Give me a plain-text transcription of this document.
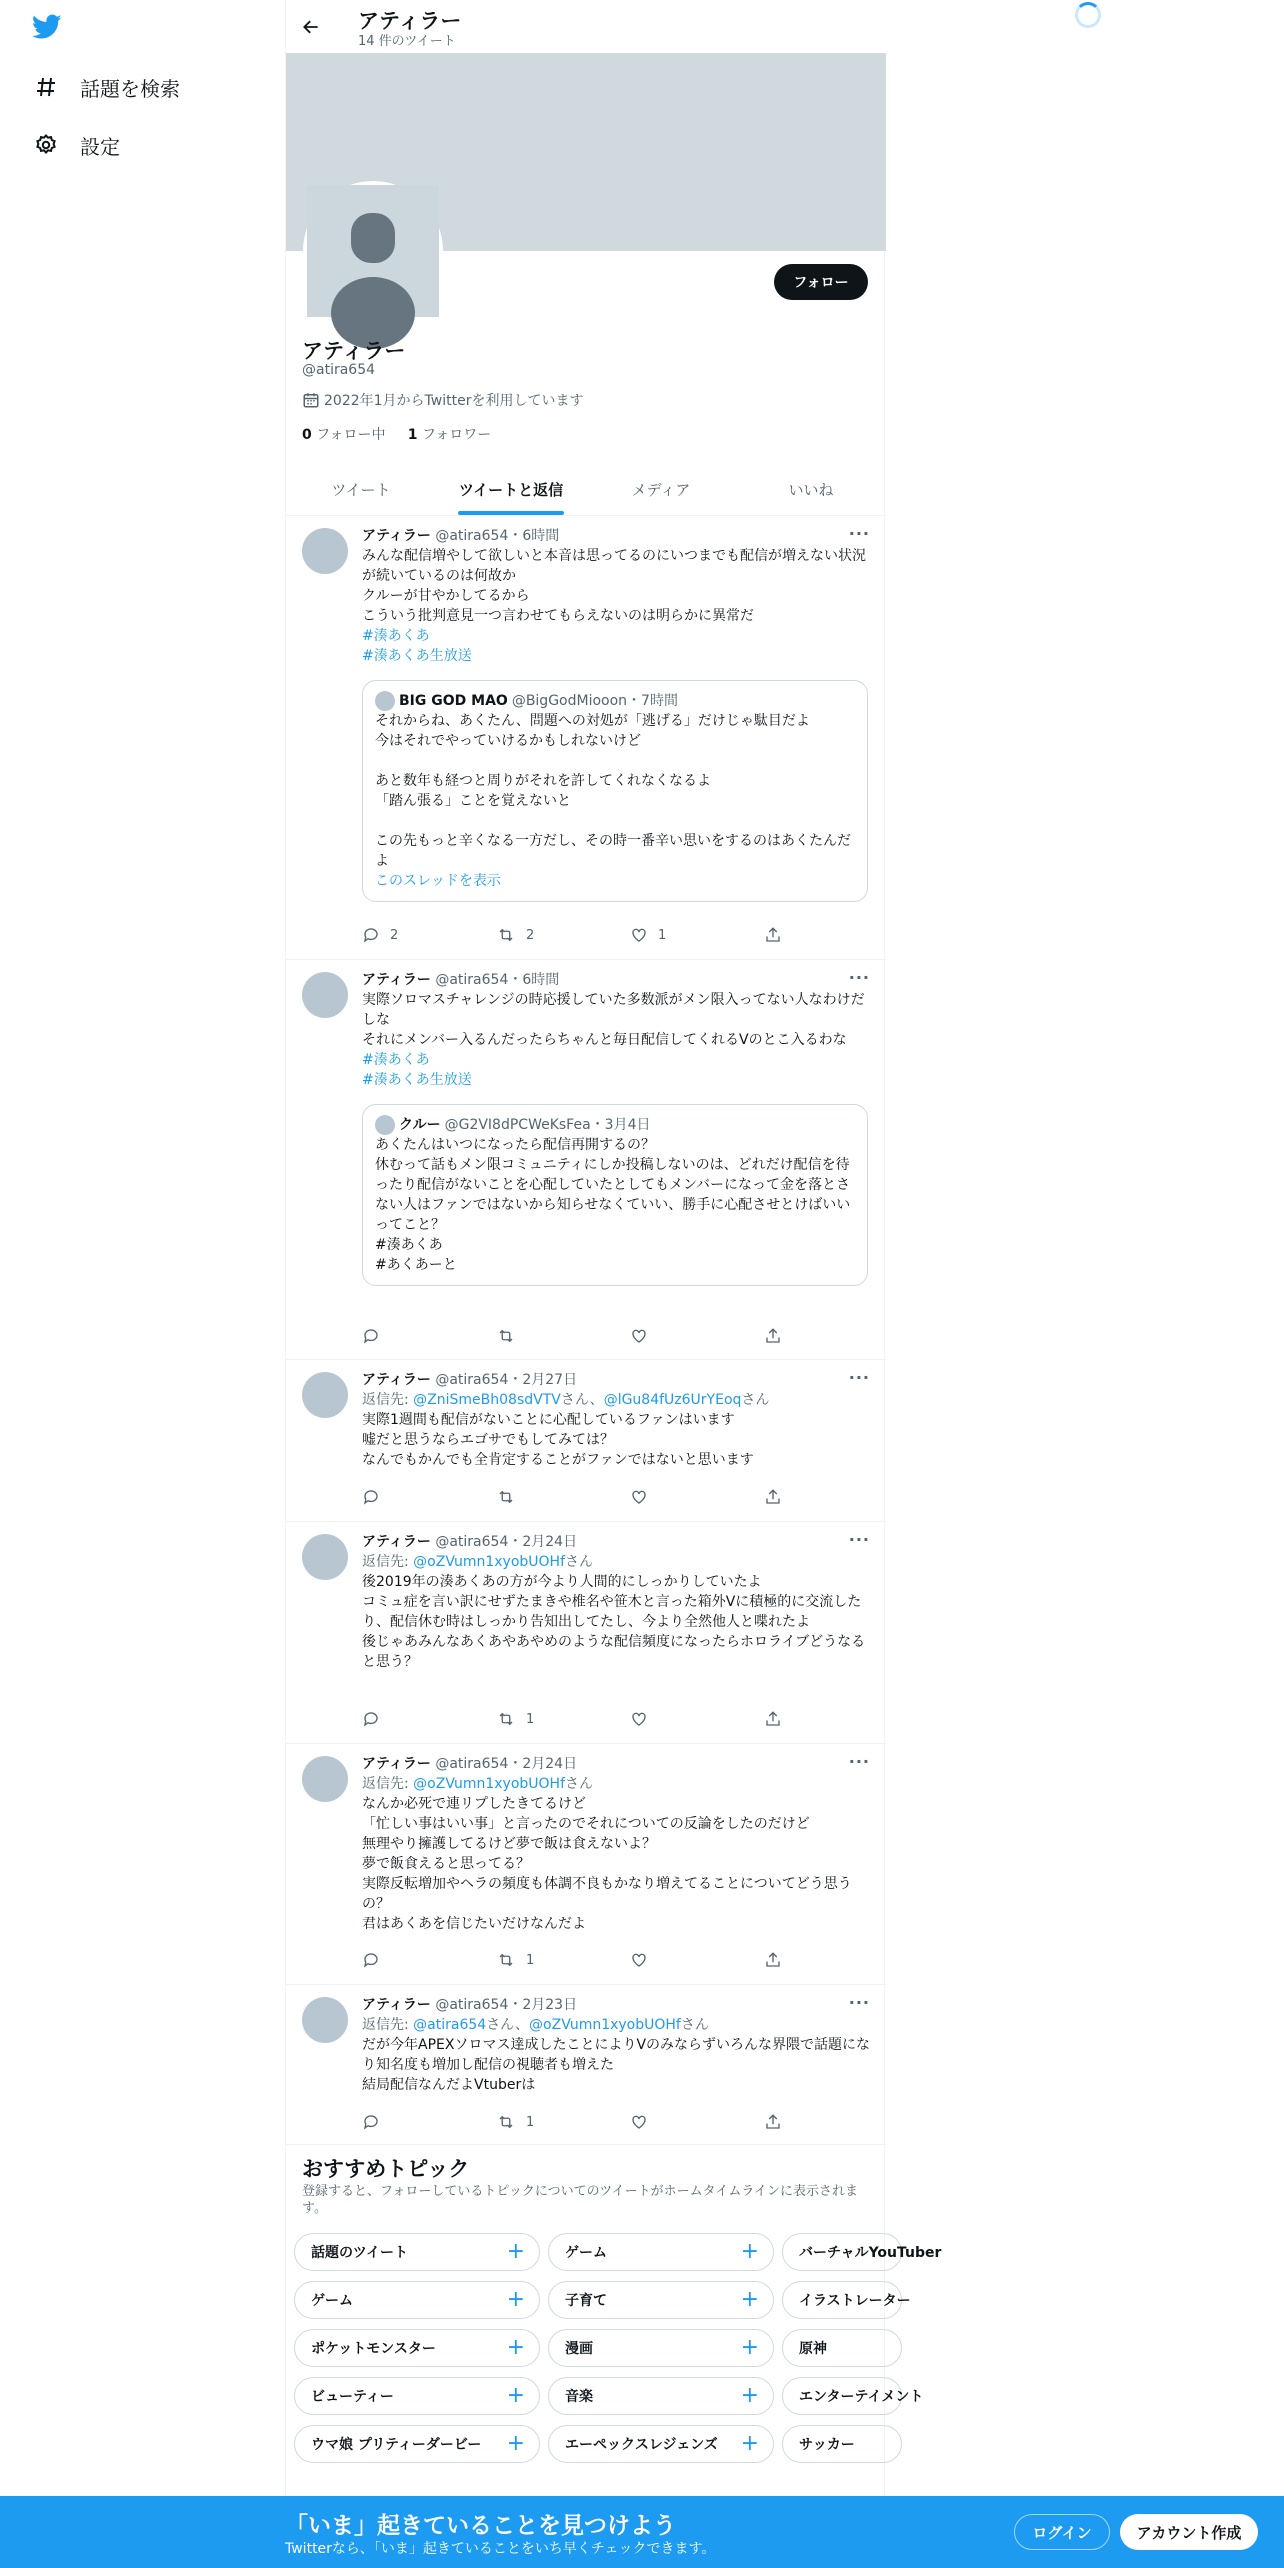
話題を検索
設定
アティラー
14 件のツイート
フォロー
アティラー
@atira654
2022年1月からTwitterを利用しています
0 フォロー中 1 フォロワー
ツイート	ツイートと返信	メディア	いいね
···
アティラー @atira654・6時間
みんな配信増やして欲しいと本音は思ってるのにいつまでも配信が増えない状況が続いているのは何故か
クルーが甘やかしてるから
こういう批判意見一つ言わせてもらえないのは明らかに異常だ
#湊あくあ
#湊あくあ生放送
BIG GOD MAO @BigGodMiooon ・7時間
それからね、あくたん、問題への対処が「逃げる」だけじゃ駄目だよ
今はそれでやっていけるかもしれないけど

あと数年も経つと周りがそれを許してくれなくなるよ
「踏ん張る」ことを覚えないと

この先もっと辛くなる一方だし、その時一番辛い思いをするのはあくたんだよ
このスレッドを表示
2	2	1
···
アティラー @atira654・6時間
実際ソロマスチャレンジの時応援していた多数派がメン限入ってない人なわけだしな
それにメンバー入るんだったらちゃんと毎日配信してくれるVのとこ入るわな
#湊あくあ
#湊あくあ生放送
クルー @G2VI8dPCWeKsFea ・3月4日
あくたんはいつになったら配信再開するの？
休むって話もメン限コミュニティにしか投稿しないのは、どれだけ配信を待ったり配信がないことを心配していたとしてもメンバーになって金を落とさない人はファンではないから知らせなくていい、勝手に心配させとけばいいってこと？
#湊あくあ
#あくあーと
···
アティラー @atira654・2月27日
返信先: @ZniSmeBh08sdVTVさん、@lGu84fUz6UrYEoqさん
実際1週間も配信がないことに心配しているファンはいます
嘘だと思うならエゴサでもしてみては？
なんでもかんでも全肯定することがファンではないと思います
···
アティラー @atira654・2月24日
返信先: @oZVumn1xyobUOHfさん
後2019年の湊あくあの方が今より人間的にしっかりしていたよ
コミュ症を言い訳にせずたまきや椎名や笹木と言った箱外Vに積極的に交流したり、配信休む時はしっかり告知出してたし、今より全然他人と喋れたよ
後じゃあみんなあくあやあやめのような配信頻度になったらホロライブどうなると思う？
1
···
アティラー @atira654・2月24日
返信先: @oZVumn1xyobUOHfさん
なんか必死で連リプしたきてるけど
「忙しい事はいい事」と言ったのでそれについての反論をしたのだけど
無理やり擁護してるけど夢で飯は食えないよ？
夢で飯食えると思ってる？
実際反転増加やヘラの頻度も体調不良もかなり増えてることについてどう思うの？
君はあくあを信じたいだけなんだよ
1
···
アティラー @atira654・2月23日
返信先: @atira654さん、@oZVumn1xyobUOHfさん
だが今年APEXソロマス達成したことによりVのみならずいろんな界隈で話題になり知名度も増加し配信の視聴者も増えた
結局配信なんだよVtuberは
1
おすすめトピック
登録すると、フォローしているトピックについてのツイートがホームタイムラインに表示されます。
話題のツイート	+	ゲーム	+	バーチャルYouTuber
ゲーム	+	子育て	+	イラストレーター
ポケットモンスター	+	漫画	+	原神
ビューティー	+	音楽	+	エンターテイメント
ウマ娘 プリティーダービー +	エーペックスレジェンズ +	サッカー
「いま」起きていることを見つけよう
Twitterなら、「いま」起きていることをいち早くチェックできます。
ログイン	アカウント作成
